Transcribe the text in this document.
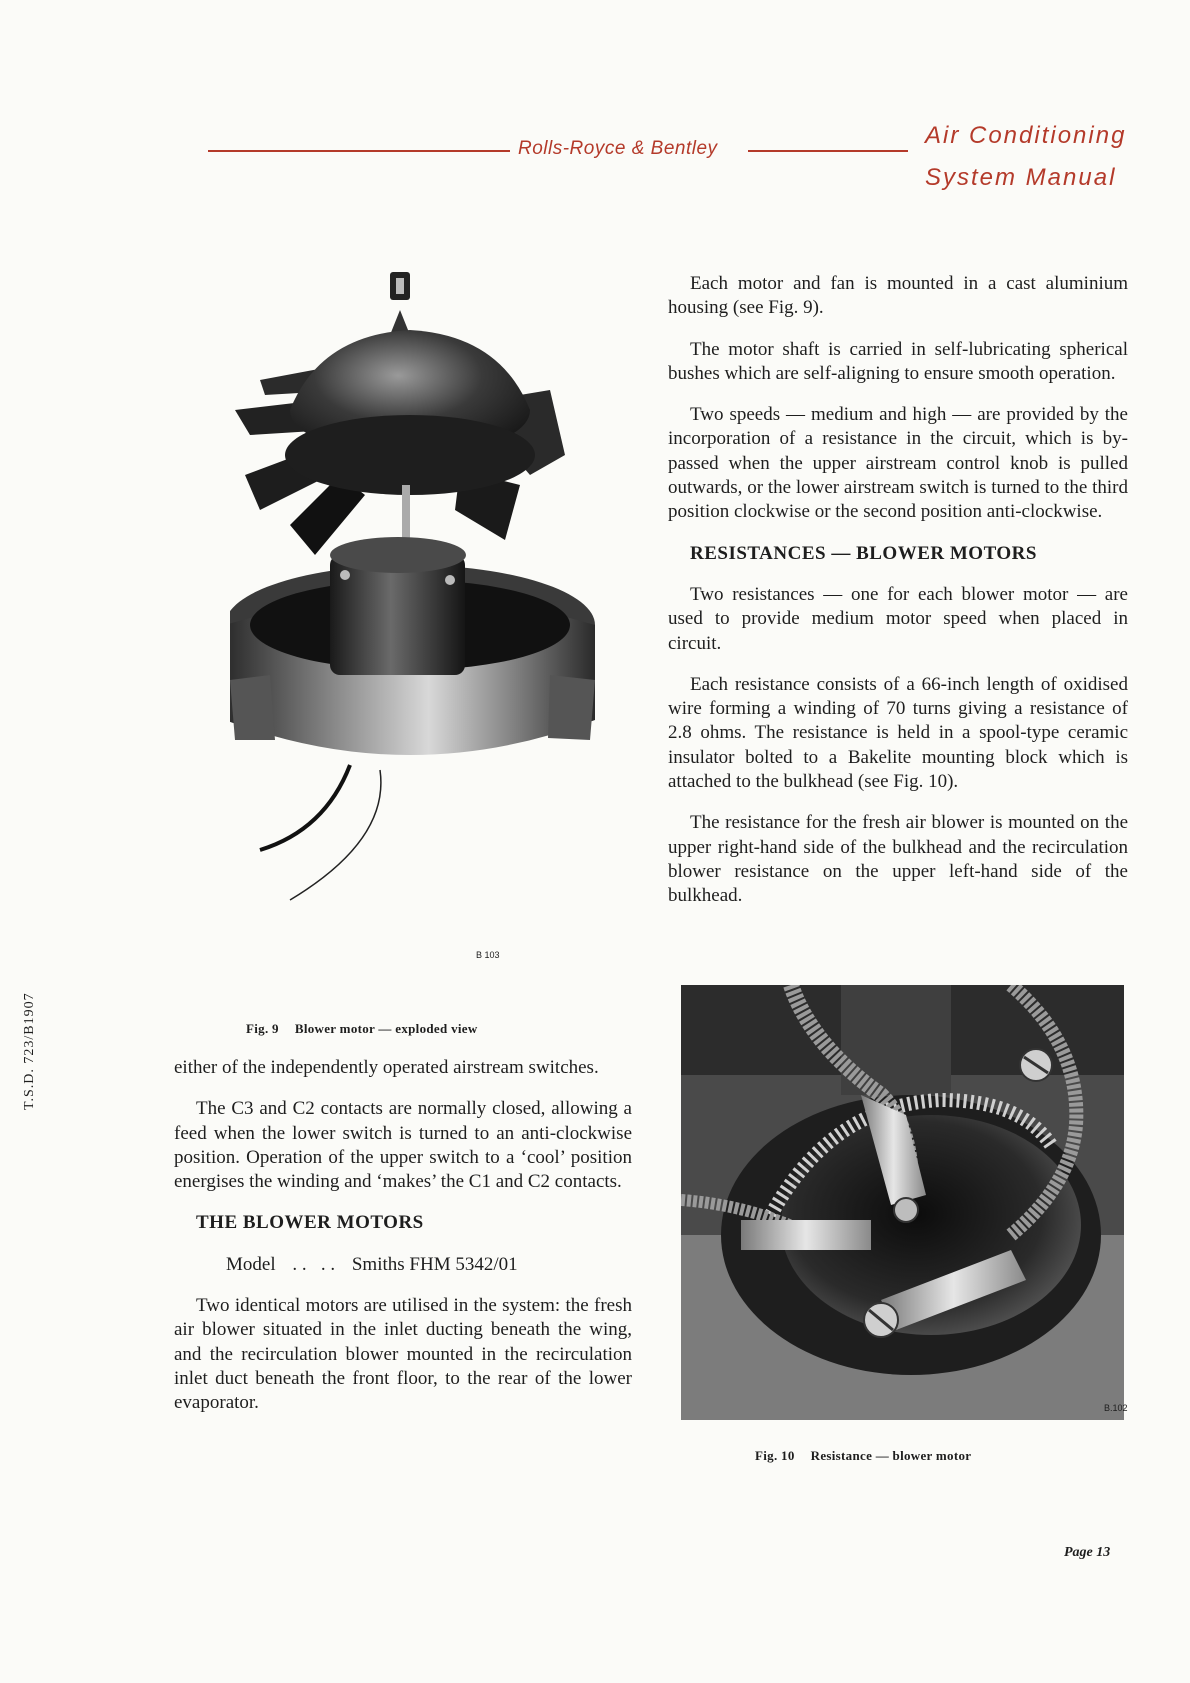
Rolls-Royce & Bentley	Air Conditioning
System Manual
T.S.D. 723/B1907
B 103
Fig. 9 Blower motor — exploded view

either of the independently operated airstream switches.

The C3 and C2 contacts are normally closed, allowing a feed when the lower switch is turned to an anti-clockwise position. Operation of the upper switch to a ‘cool’ position energises the winding and ‘makes’ the C1 and C2 contacts.

THE BLOWER MOTORS

Model . .   . . Smiths FHM 5342/01

Two identical motors are utilised in the system: the fresh air blower situated in the inlet ducting beneath the wing, and the recirculation blower mounted in the recirculation inlet duct beneath the front floor, to the rear of the lower evaporator.

Each motor and fan is mounted in a cast aluminium housing (see Fig. 9).

The motor shaft is carried in self-lubricating spherical bushes which are self-aligning to ensure smooth operation.

Two speeds — medium and high — are provided by the incorporation of a resistance in the circuit, which is by-passed when the upper airstream control knob is pulled outwards, or the lower airstream switch is turned to the third position clockwise or the second position anti-clockwise.

RESISTANCES — BLOWER MOTORS

Two resistances — one for each blower motor — are used to provide medium motor speed when placed in circuit.

Each resistance consists of a 66-inch length of oxidised wire forming a winding of 70 turns giving a resistance of 2.8 ohms. The resistance is held in a spool-type ceramic insulator bolted to a Bakelite mounting block which is attached to the bulkhead (see Fig. 10).

The resistance for the fresh air blower is mounted on the upper right-hand side of the bulkhead and the recirculation blower resistance on the upper left-hand side of the bulkhead.

B.102
Fig. 10 Resistance — blower motor
Page 13
